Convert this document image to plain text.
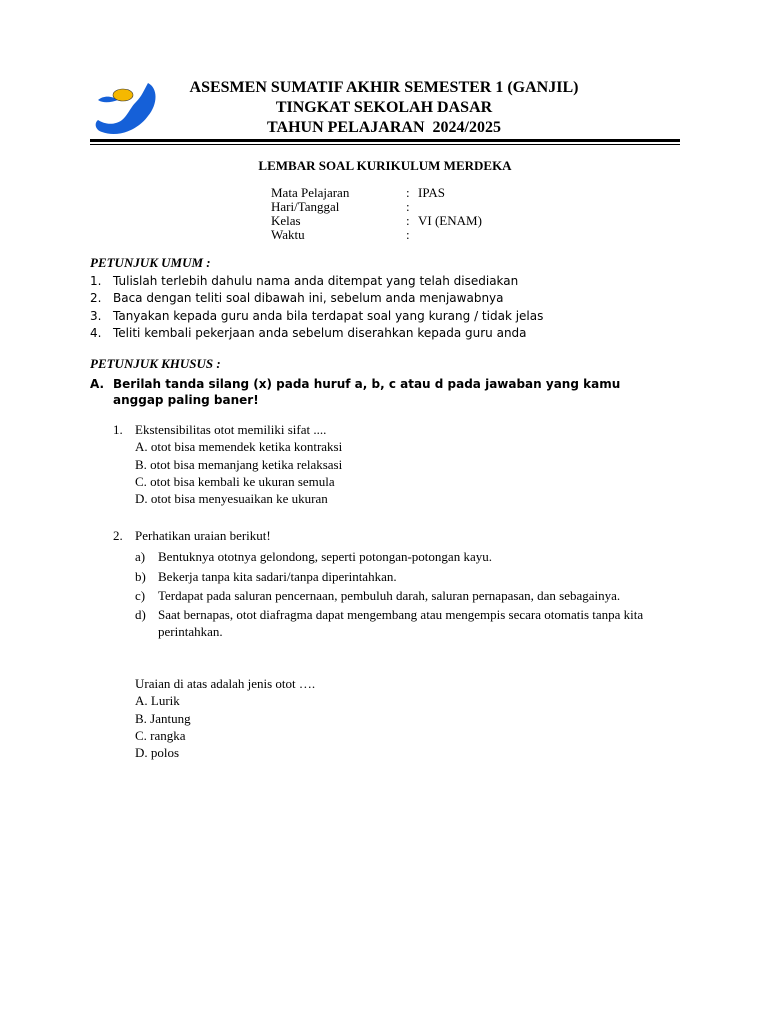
ASESMEN SUMATIF AKHIR SEMESTER 1 (GANJIL)
TINGKAT SEKOLAH DASAR
TAHUN PELAJARAN  2024/2025
LEMBAR SOAL KURIKULUM MERDEKA
Mata Pelajaran	: IPAS
Hari/Tanggal	:
Kelas	: VI (ENAM)
Waktu	:
PETUNJUK UMUM :
1. Tulislah terlebih dahulu nama anda ditempat yang telah disediakan
2. Baca dengan teliti soal dibawah ini, sebelum anda menjawabnya
3. Tanyakan kepada guru anda bila terdapat soal yang kurang / tidak jelas
4. Teliti kembali pekerjaan anda sebelum diserahkan kepada guru anda
PETUNJUK KHUSUS :
A. Berilah tanda silang (x) pada huruf a, b, c atau d pada jawaban yang kamu anggap paling baner!
1. Ekstensibilitas otot memiliki sifat ....
A. otot bisa memendek ketika kontraksi
B. otot bisa memanjang ketika relaksasi
C. otot bisa kembali ke ukuran semula
D. otot bisa menyesuaikan ke ukuran
2. Perhatikan uraian berikut!
a) Bentuknya ototnya gelondong, seperti potongan-potongan kayu.
b) Bekerja tanpa kita sadari/tanpa diperintahkan.
c) Terdapat pada saluran pencernaan, pembuluh darah, saluran pernapasan, dan sebagainya.
d) Saat bernapas, otot diafragma dapat mengembang atau mengempis secara otomatis tanpa kita perintahkan.
Uraian di atas adalah jenis otot ….
A. Lurik
B. Jantung
C. rangka
D. polos
